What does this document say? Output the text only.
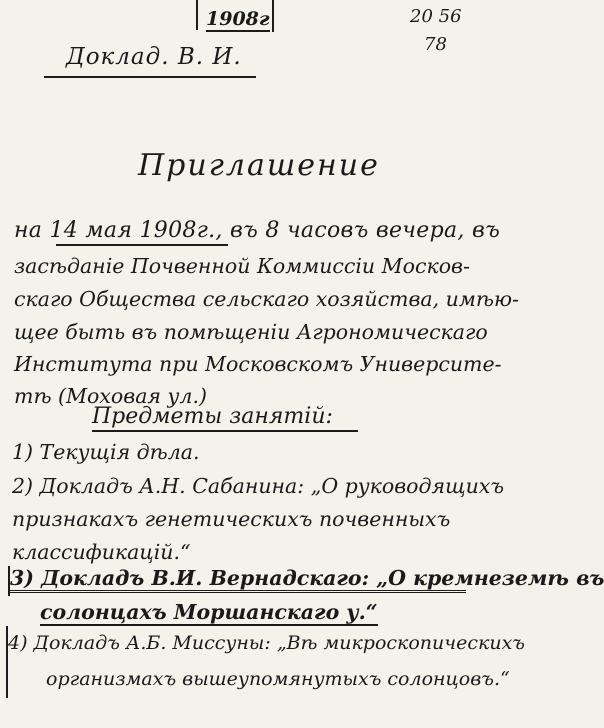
1908г	20 56
78
Доклад. В. И.
Приглашение
на 14 мая 1908г., въ 8 часовъ вечера, въ
засѣданіе Почвенной Коммиссіи Москов-
скаго Общества сельскаго хозяйства, имѣю-
щее быть въ помѣщеніи Агрономическаго
Института при Московскомъ Университе-
тѣ (Моховая ул.)
Предметы занятій:
1) Текущія дѣла.
2) Докладъ А.Н. Сабанина: „О руководящихъ
признакахъ генетическихъ почвенныхъ
классификацій.“
3) Докладъ В.И. Вернадскаго: „О кремнеземѣ въ
солонцахъ Моршанскаго у.“
4) Докладъ А.Б. Миссуны: „Вѣ микроскопическихъ
организмахъ вышеупомянутыхъ солонцовъ.“
